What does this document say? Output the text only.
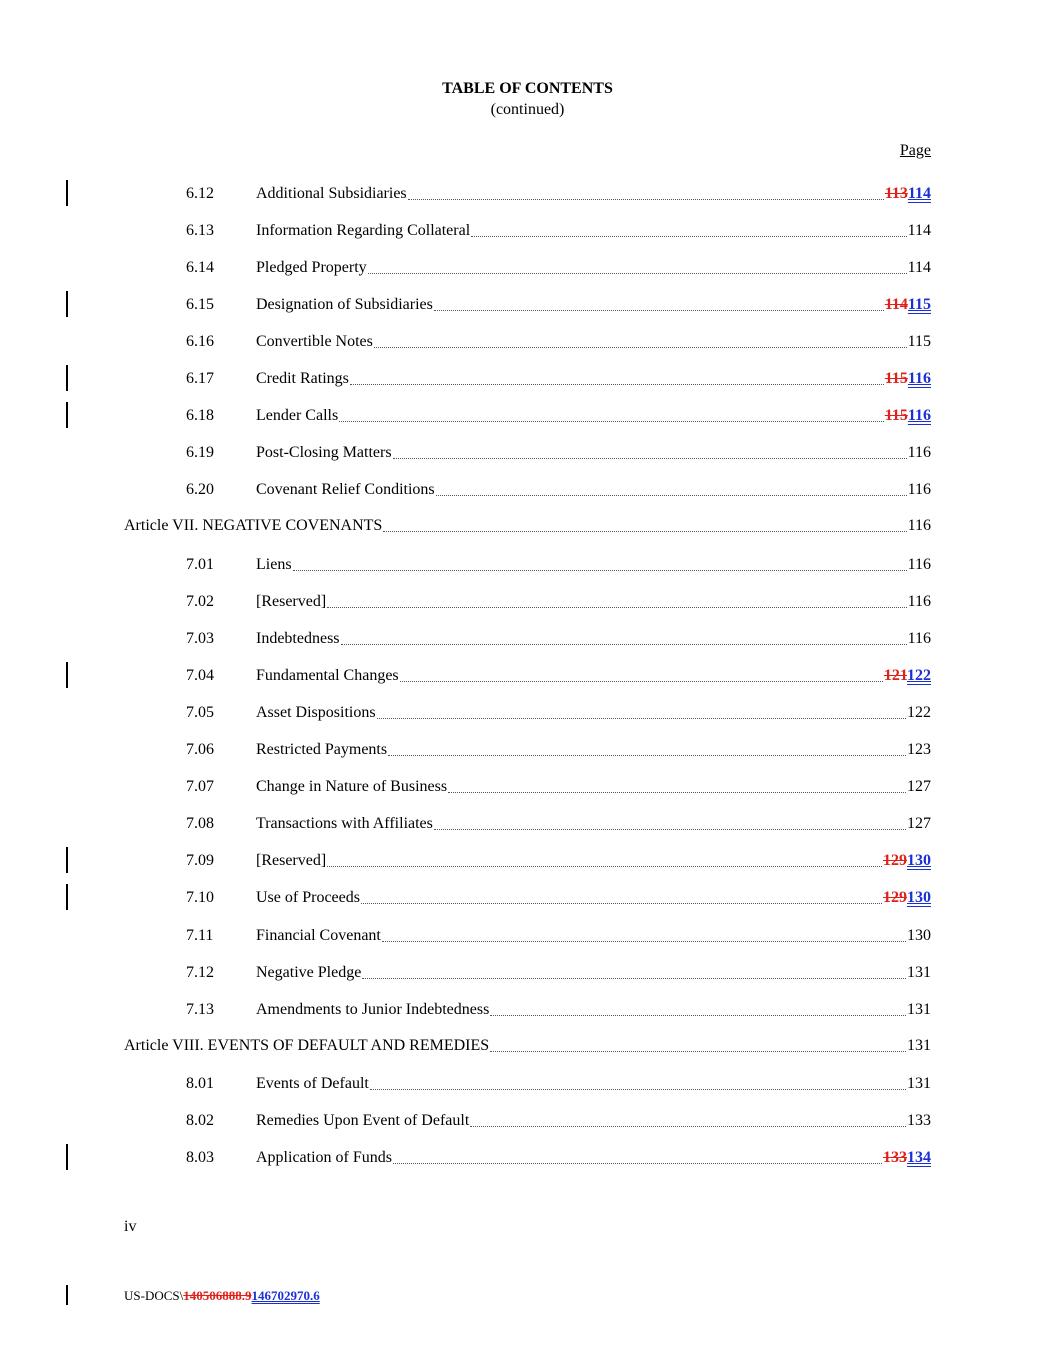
TABLE OF CONTENTS
(continued)
Page
6.12	Additional Subsidiaries	113114
6.13	Information Regarding Collateral	114
6.14	Pledged Property	114
6.15	Designation of Subsidiaries	114115
6.16	Convertible Notes	115
6.17	Credit Ratings	115116
6.18	Lender Calls	115116
6.19	Post-Closing Matters	116
6.20	Covenant Relief Conditions	116
Article VII. NEGATIVE COVENANTS	116
7.01	Liens	116
7.02	[Reserved]	116
7.03	Indebtedness	116
7.04	Fundamental Changes	121122
7.05	Asset Dispositions	122
7.06	Restricted Payments	123
7.07	Change in Nature of Business	127
7.08	Transactions with Affiliates	127
7.09	[Reserved]	129130
7.10	Use of Proceeds	129130
7.11	Financial Covenant	130
7.12	Negative Pledge	131
7.13	Amendments to Junior Indebtedness	131
Article VIII. EVENTS OF DEFAULT AND REMEDIES	131
8.01	Events of Default	131
8.02	Remedies Upon Event of Default	133
8.03	Application of Funds	133134
iv
US-DOCS\140506888.9146702970.6
